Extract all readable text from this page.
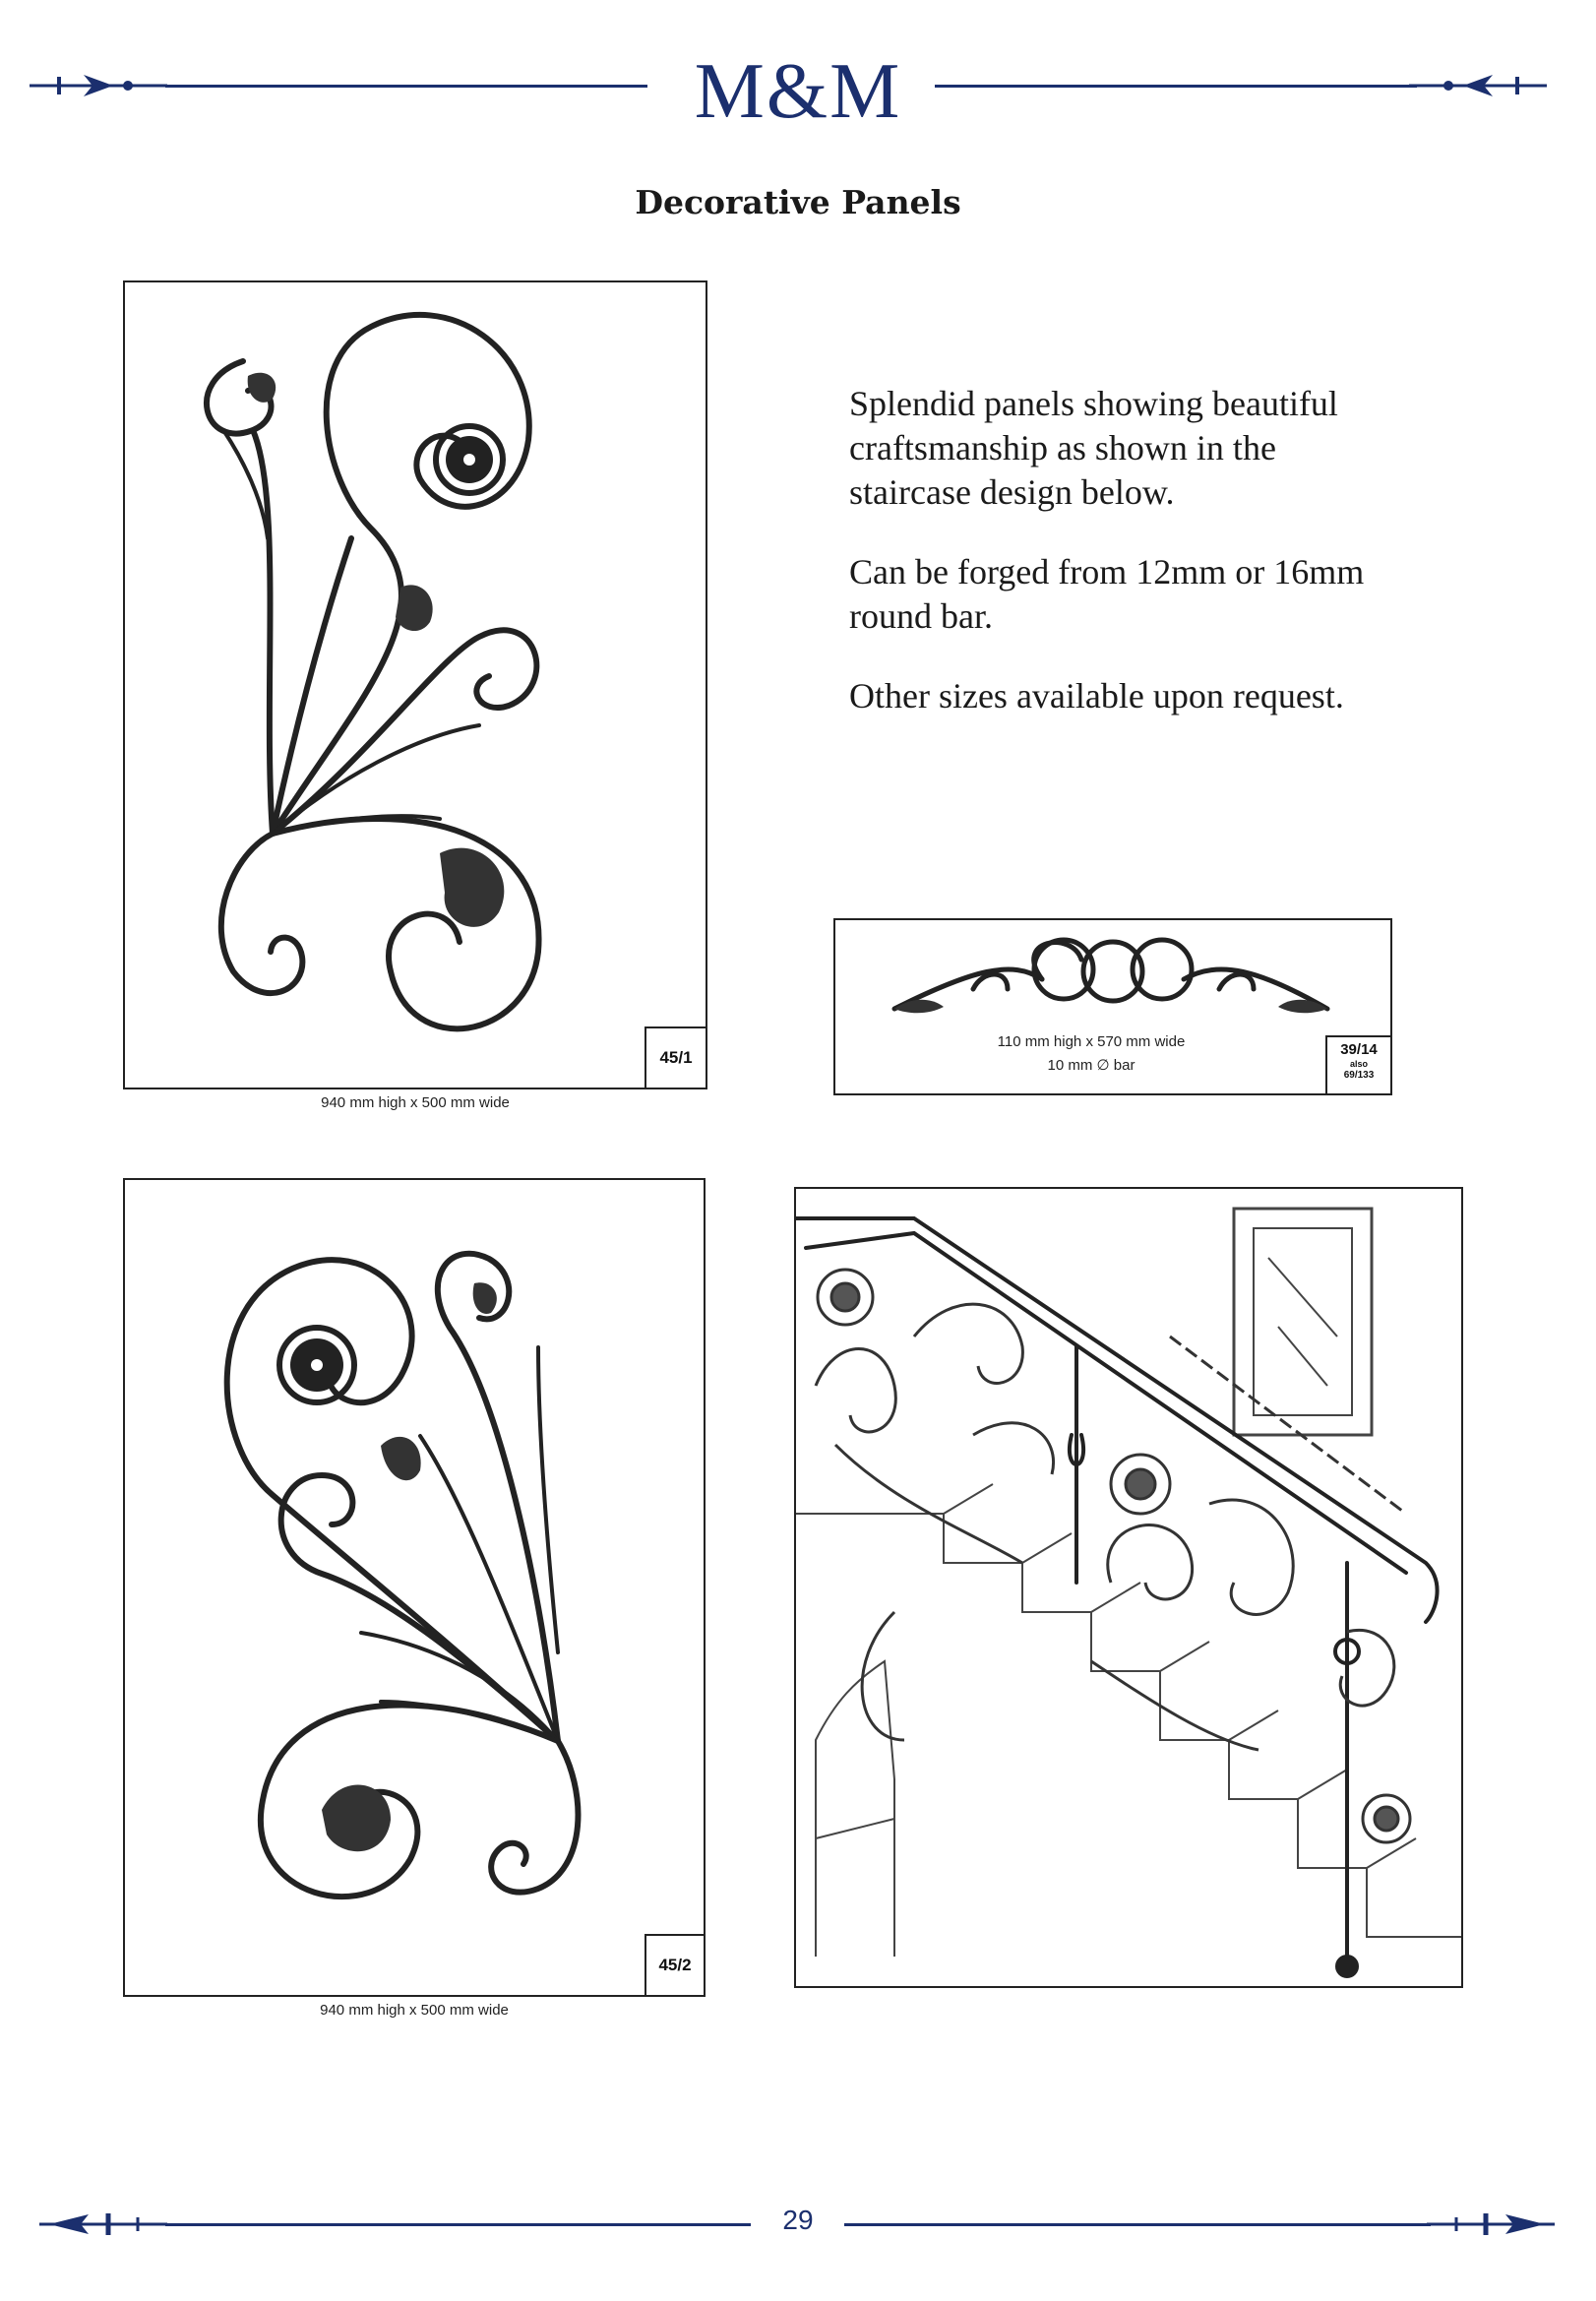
M&M
Decorative Panels
45/1
940 mm high x 500 mm wide

Splendid panels showing beautiful craftsmanship as shown in the staircase design below.

Can be forged from 12mm or 16mm round bar.

Other sizes available upon request.

110 mm high x 570 mm wide
10 mm ∅ bar
39/14
also
69/133
45/2
940 mm high x 500 mm wide
29
